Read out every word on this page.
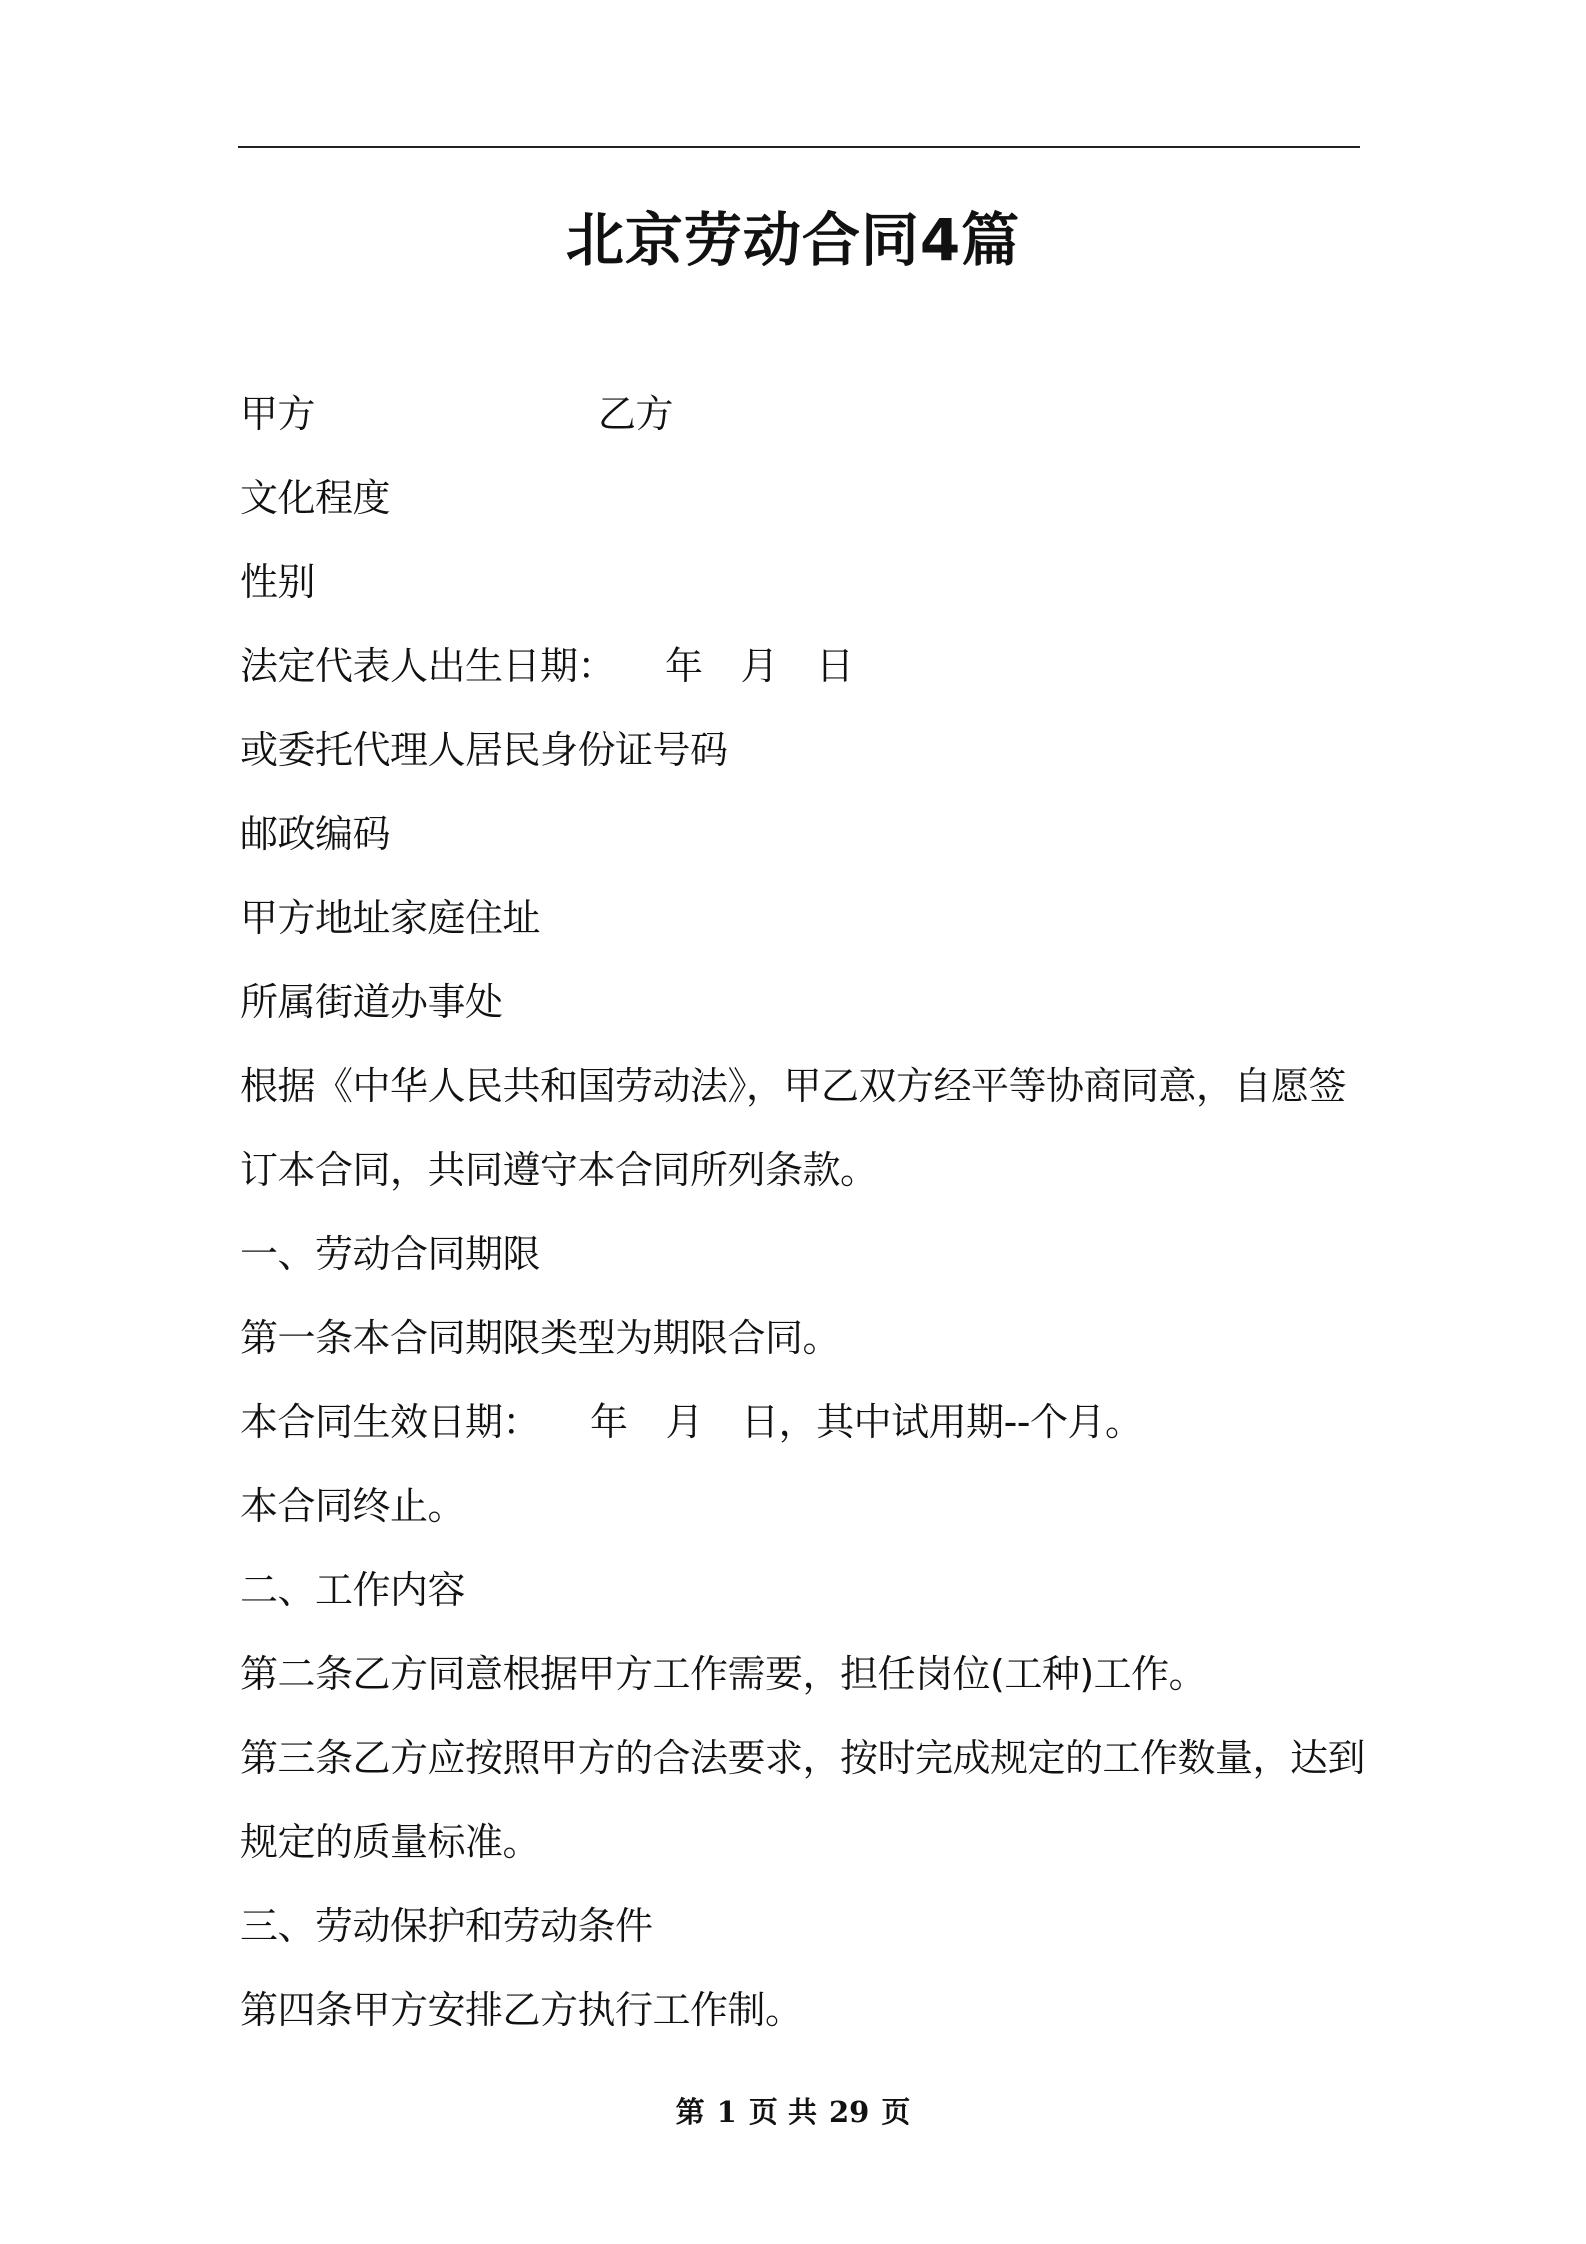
北京劳动合同4篇
甲方	乙方
文化程度
性别
法定代表人出生日期： 年 月 日
或委托代理人居民身份证号码
邮政编码
甲方地址家庭住址
所属街道办事处
根据《中华人民共和国劳动法》，甲乙双方经平等协商同意，自愿签
订本合同，共同遵守本合同所列条款。
一、劳动合同期限
第一条本合同期限类型为期限合同。
本合同生效日期： 年 月 日，其中试用期--个月。
本合同终止。
二、工作内容
第二条乙方同意根据甲方工作需要，担任岗位(工种)工作。
第三条乙方应按照甲方的合法要求，按时完成规定的工作数量，达到
规定的质量标准。
三、劳动保护和劳动条件
第四条甲方安排乙方执行工作制。
第 1 页 共 29 页
